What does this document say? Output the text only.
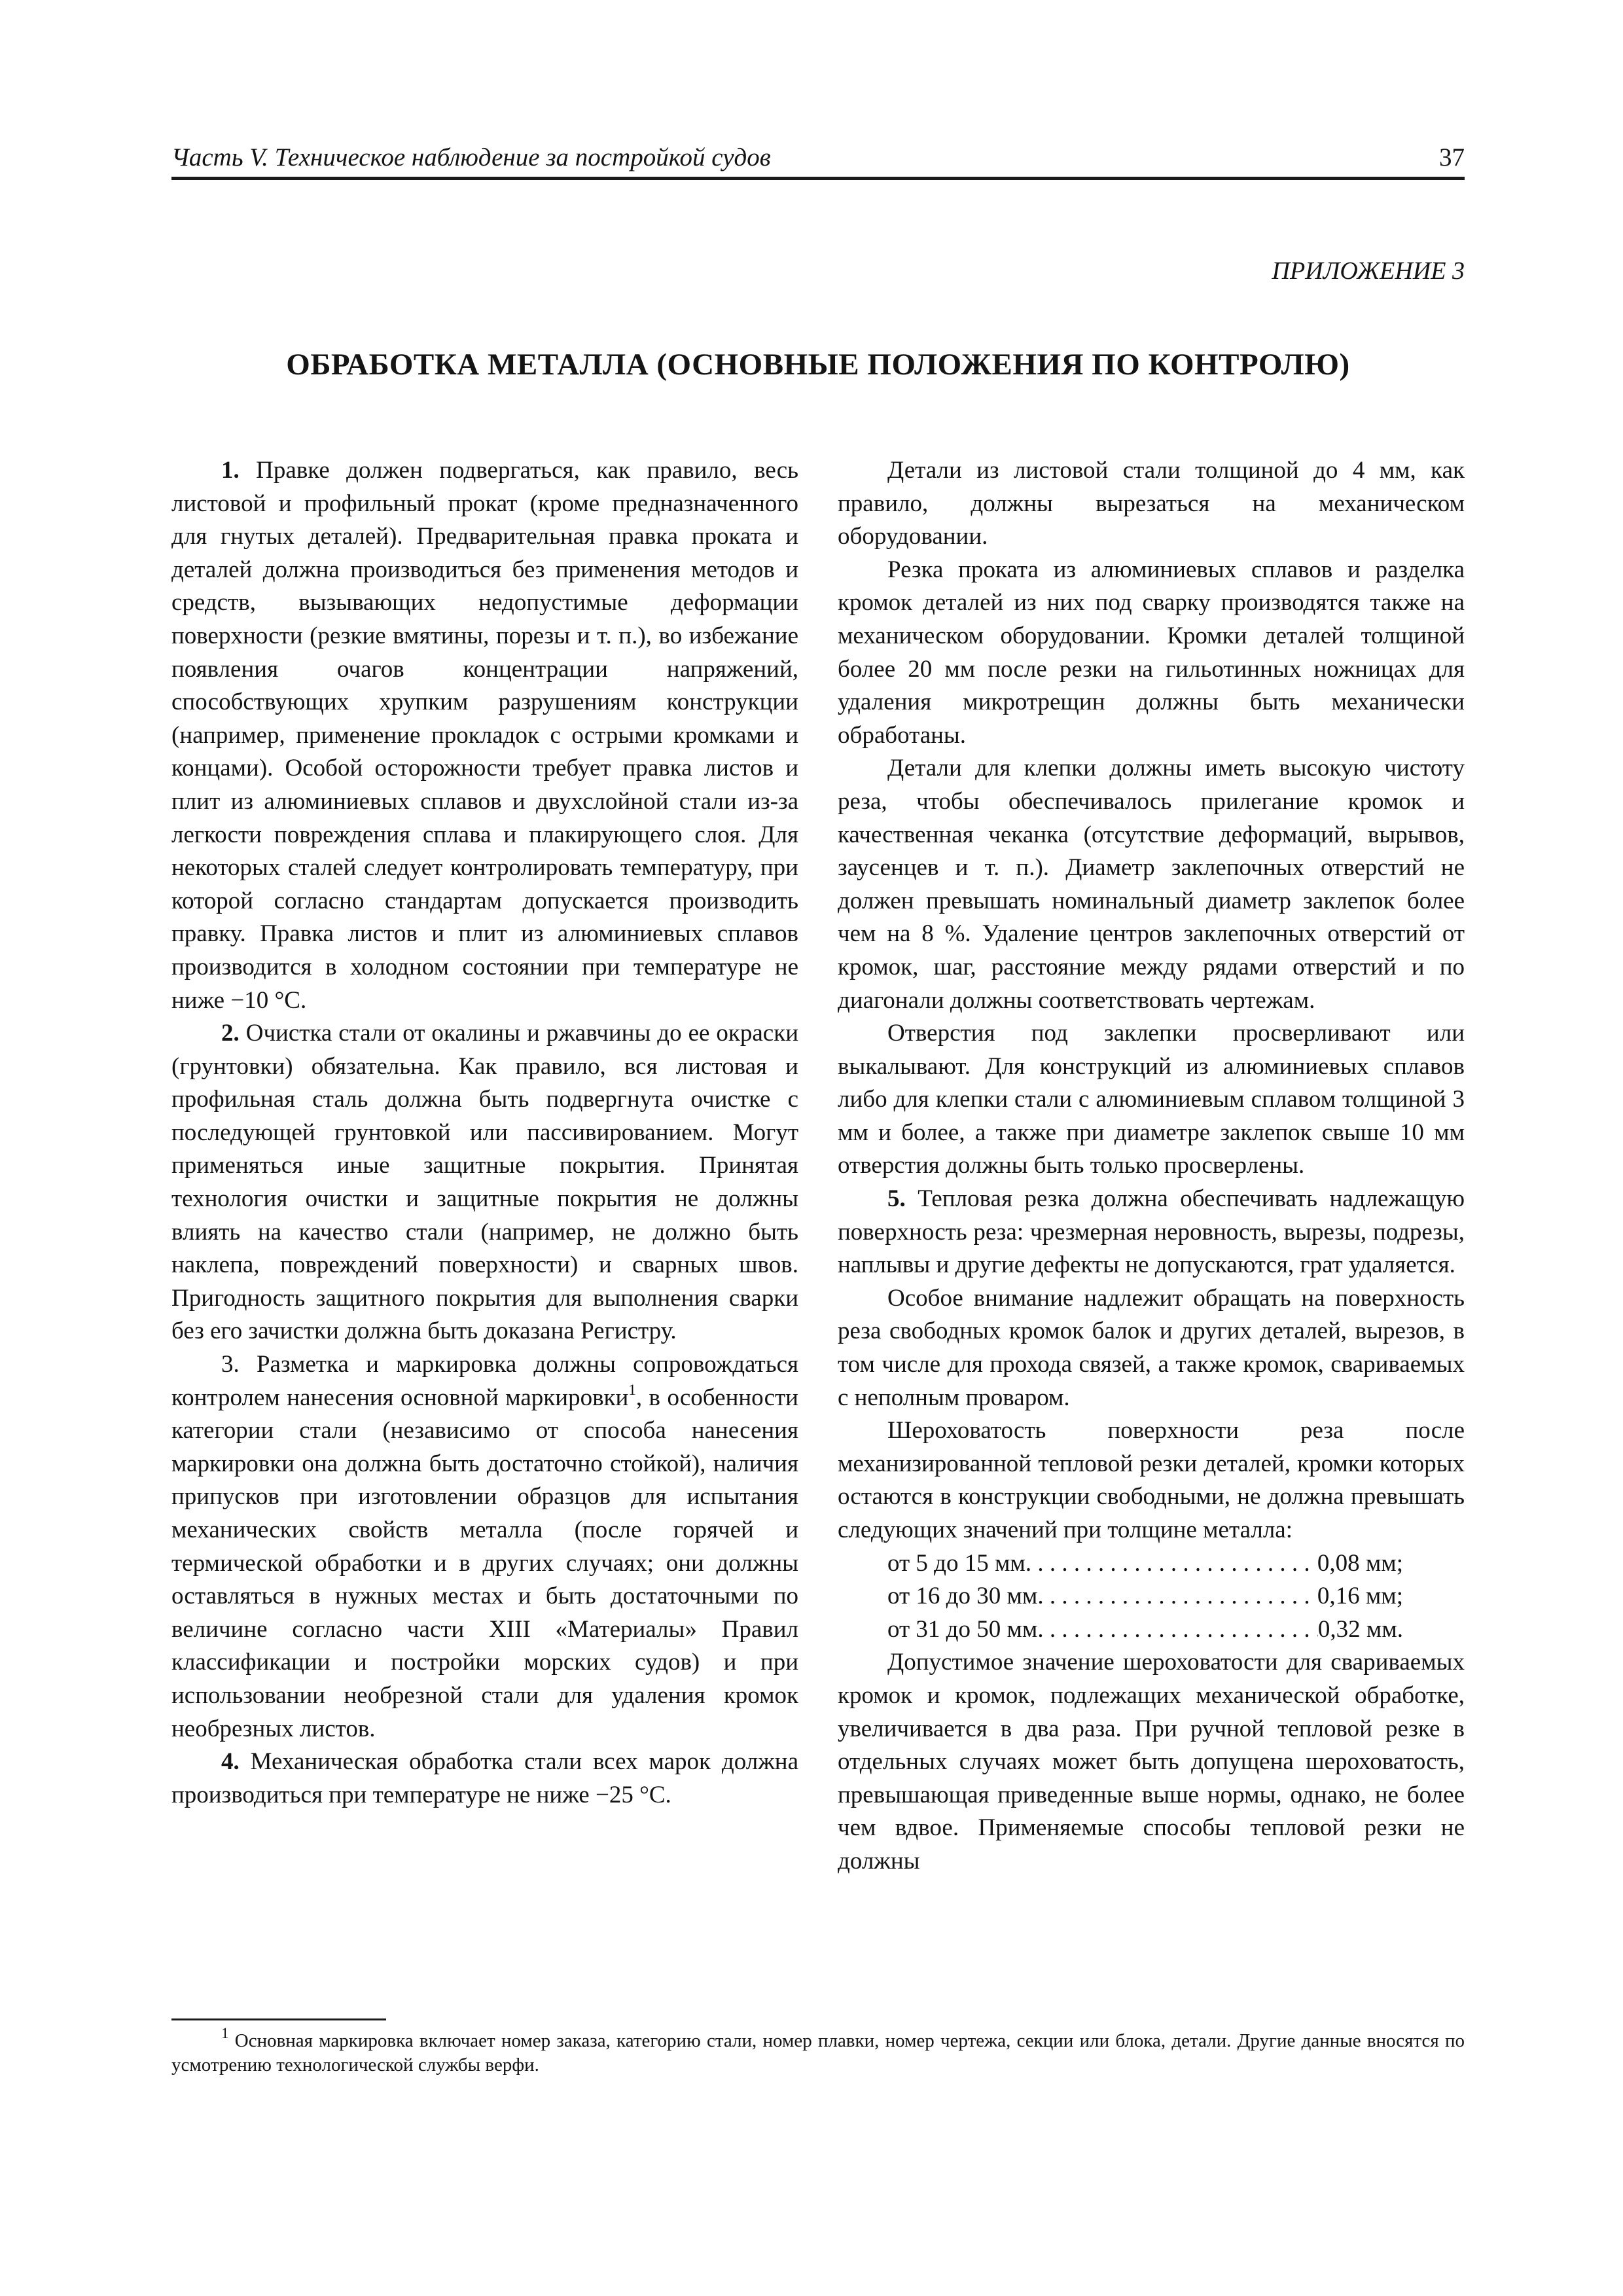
Часть V. Техническое наблюдение за постройкой судов	37
ПРИЛОЖЕНИЕ 3
ОБРАБОТКА МЕТАЛЛА (ОСНОВНЫЕ ПОЛОЖЕНИЯ ПО КОНТРОЛЮ)

1. Правке должен подвергаться, как правило, весь листовой и профильный прокат (кроме предназначенного для гнутых деталей). Предварительная правка проката и деталей должна производиться без применения методов и средств, вызывающих недопустимые деформации поверхности (резкие вмятины, порезы и т. п.), во избежание появления очагов концентрации напряжений, способствующих хрупким разрушениям конструкции (например, применение прокладок с острыми кромками и концами). Особой осторожности требует правка листов и плит из алюминиевых сплавов и двухслойной стали из-за легкости повреждения сплава и плакирующего слоя. Для некоторых сталей следует контролировать температуру, при которой согласно стандартам допускается производить правку. Правка листов и плит из алюминиевых сплавов производится в холодном состоянии при температуре не ниже −10 °C.

2. Очистка стали от окалины и ржавчины до ее окраски (грунтовки) обязательна. Как правило, вся листовая и профильная сталь должна быть подвергнута очистке с последующей грунтовкой или пассивированием. Могут применяться иные защитные покрытия. Принятая технология очистки и защитные покрытия не должны влиять на качество стали (например, не должно быть наклепа, повреждений поверхности) и сварных швов. Пригодность защитного покрытия для выполнения сварки без его зачистки должна быть доказана Регистру.

3. Разметка и маркировка должны сопровождаться контролем нанесения основной маркировки$^1$, в особенности категории стали (независимо от способа нанесения маркировки она должна быть достаточно стойкой), наличия припусков при изготовлении образцов для испытания механических свойств металла (после горячей и термической обработки и в других случаях; они должны оставляться в нужных местах и быть достаточными по величине согласно части XIII «Материалы» Правил классификации и постройки морских судов) и при использовании необрезной стали для удаления кромок необрезных листов.

4. Механическая обработка стали всех марок должна производиться при температуре не ниже −25 °C.

Детали из листовой стали толщиной до 4 мм, как правило, должны вырезаться на механическом оборудовании.

Резка проката из алюминиевых сплавов и разделка кромок деталей из них под сварку производятся также на механическом оборудовании. Кромки деталей толщиной более 20 мм после резки на гильотинных ножницах для удаления микротрещин должны быть механически обработаны.

Детали для клепки должны иметь высокую чистоту реза, чтобы обеспечивалось прилегание кромок и качественная чеканка (отсутствие деформаций, вырывов, заусенцев и т. п.). Диаметр заклепочных отверстий не должен превышать номинальный диаметр заклепок более чем на 8 %. Удаление центров заклепочных отверстий от кромок, шаг, расстояние между рядами отверстий и по диагонали должны соответствовать чертежам.

Отверстия под заклепки просверливают или выкалывают. Для конструкций из алюминиевых сплавов либо для клепки стали с алюминиевым сплавом толщиной 3 мм и более, а также при диаметре заклепок свыше 10 мм отверстия должны быть только просверлены.

5. Тепловая резка должна обеспечивать надлежащую поверхность реза: чрезмерная неровность, вырезы, подрезы, наплывы и другие дефекты не допускаются, грат удаляется.

Особое внимание надлежит обращать на поверхность реза свободных кромок балок и других деталей, вырезов, в том числе для прохода связей, а также кромок, свариваемых с неполным проваром.

Шероховатость поверхности реза после механизированной тепловой резки деталей, кромки которых остаются в конструкции свободными, не должна превышать следующих значений при толщине металла:

от 5 до 15 мм . . .	0,08 мм;
от 16 до 30 мм . . .	0,16 мм;
от 31 до 50 мм . . .	0,32 мм.

Допустимое значение шероховатости для свариваемых кромок и кромок, подлежащих механической обработке, увеличивается в два раза. При ручной тепловой резке в отдельных случаях может быть допущена шероховатость, превышающая приведенные выше нормы, однако, не более чем вдвое. Применяемые способы тепловой резки не должны

$^1$ Основная маркировка включает номер заказа, категорию стали, номер плавки, номер чертежа, секции или блока, детали. Другие данные вносятся по усмотрению технологической службы верфи.
